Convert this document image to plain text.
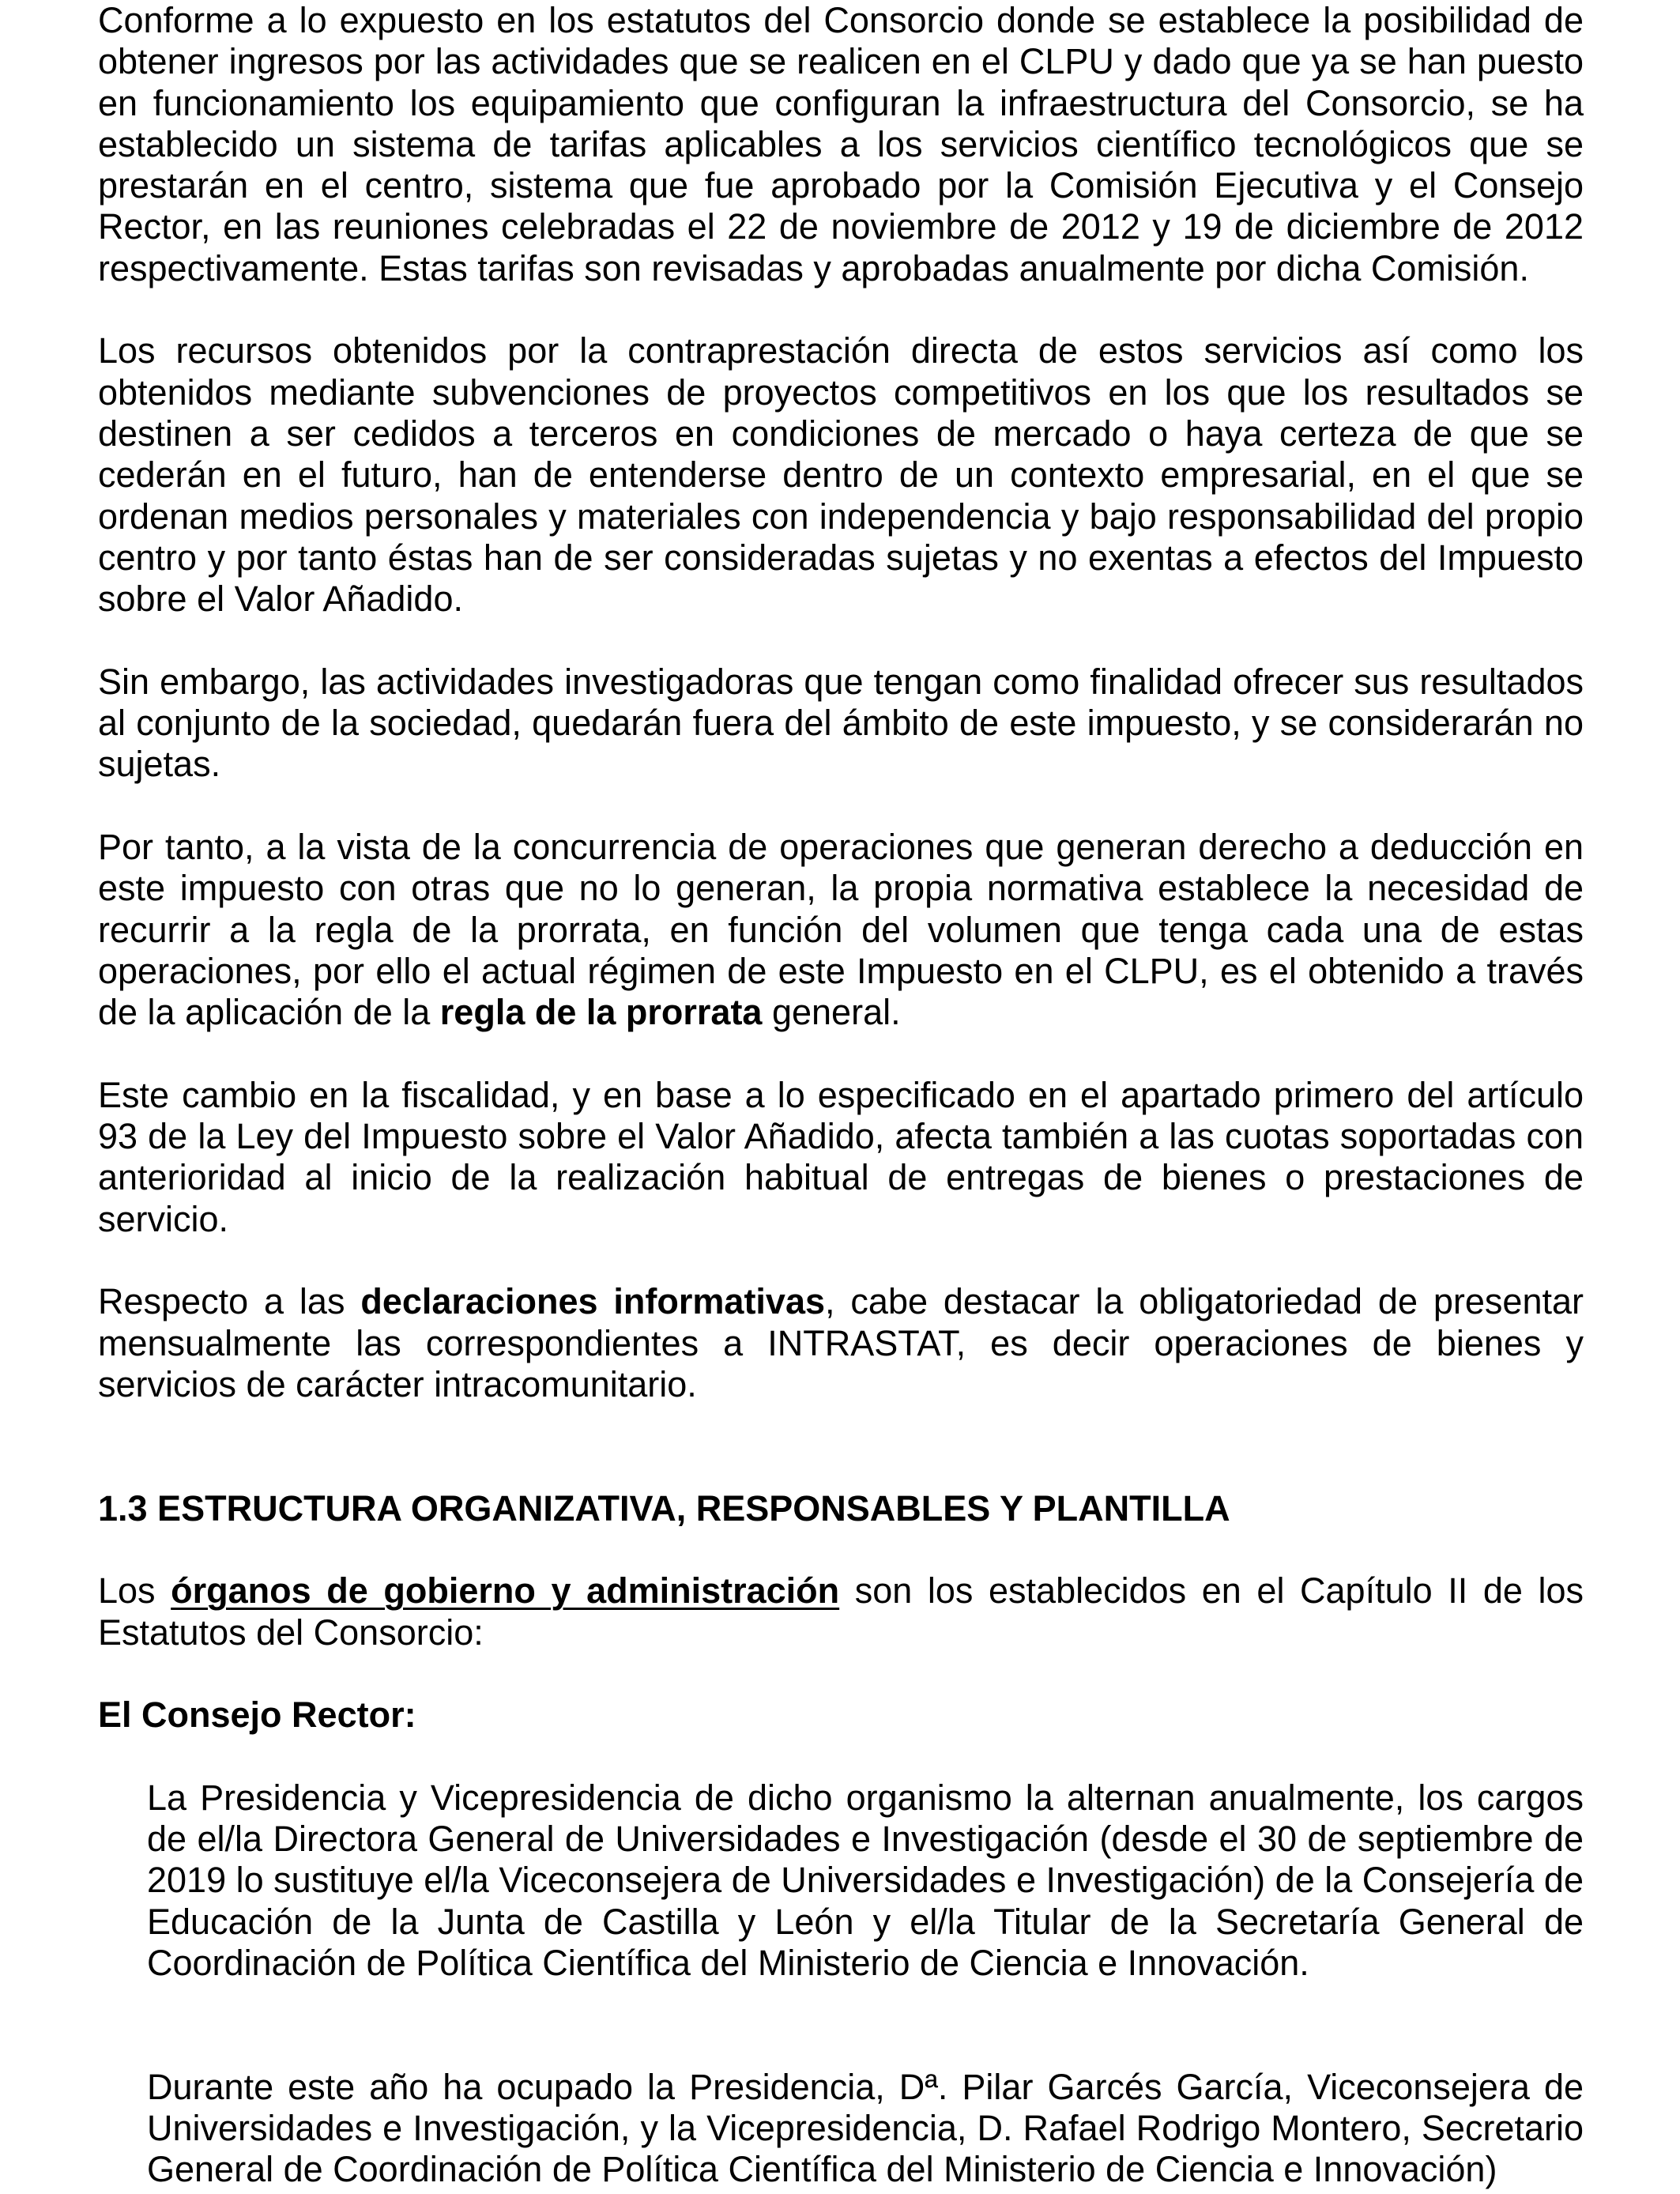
Conforme a lo expuesto en los estatutos del Consorcio donde se establece la posibilidad de
obtener ingresos por las actividades que se realicen en el CLPU y dado que ya se han puesto
en funcionamiento los equipamiento que configuran la infraestructura del Consorcio, se ha
establecido un sistema de tarifas aplicables a los servicios científico tecnológicos que se
prestarán en el centro, sistema que fue aprobado por la Comisión Ejecutiva y el Consejo
Rector, en las reuniones celebradas el 22 de noviembre de 2012 y 19 de diciembre de 2012
respectivamente. Estas tarifas son revisadas y aprobadas anualmente por dicha Comisión.
Los recursos obtenidos por la contraprestación directa de estos servicios así como los
obtenidos mediante subvenciones de proyectos competitivos en los que los resultados se
destinen a ser cedidos a terceros en condiciones de mercado o haya certeza de que se
cederán en el futuro, han de entenderse dentro de un contexto empresarial, en el que se
ordenan medios personales y materiales con independencia y bajo responsabilidad del propio
centro y por tanto éstas han de ser consideradas sujetas y no exentas a efectos del Impuesto
sobre el Valor Añadido.
Sin embargo, las actividades investigadoras que tengan como finalidad ofrecer sus resultados
al conjunto de la sociedad, quedarán fuera del ámbito de este impuesto, y se considerarán no
sujetas.
Por tanto, a la vista de la concurrencia de operaciones que generan derecho a deducción en
este impuesto con otras que no lo generan, la propia normativa establece la necesidad de
recurrir a la regla de la prorrata, en función del volumen que tenga cada una de estas
operaciones, por ello el actual régimen de este Impuesto en el CLPU, es el obtenido a través
de la aplicación de la regla de la prorrata general.
Este cambio en la fiscalidad, y en base a lo especificado en el apartado primero del artículo
93 de la Ley del Impuesto sobre el Valor Añadido, afecta también a las cuotas soportadas con
anterioridad al inicio de la realización habitual de entregas de bienes o prestaciones de
servicio.
Respecto a las declaraciones informativas, cabe destacar la obligatoriedad de presentar
mensualmente las correspondientes a INTRASTAT, es decir operaciones de bienes y
servicios de carácter intracomunitario.
1.3 ESTRUCTURA ORGANIZATIVA, RESPONSABLES Y PLANTILLA
Los órganos de gobierno y administración son los establecidos en el Capítulo II de los
Estatutos del Consorcio:
El Consejo Rector:
La Presidencia y Vicepresidencia de dicho organismo la alternan anualmente, los cargos
de el/la Directora General de Universidades e Investigación (desde el 30 de septiembre de
2019 lo sustituye el/la Viceconsejera de Universidades e Investigación) de la Consejería de
Educación de la Junta de Castilla y León y el/la Titular de la Secretaría General de
Coordinación de Política Científica del Ministerio de Ciencia e Innovación.
Durante este año ha ocupado la Presidencia, Dª. Pilar Garcés García, Viceconsejera de
Universidades e Investigación, y la Vicepresidencia, D. Rafael Rodrigo Montero, Secretario
General de Coordinación de Política Científica del Ministerio de Ciencia e Innovación)
